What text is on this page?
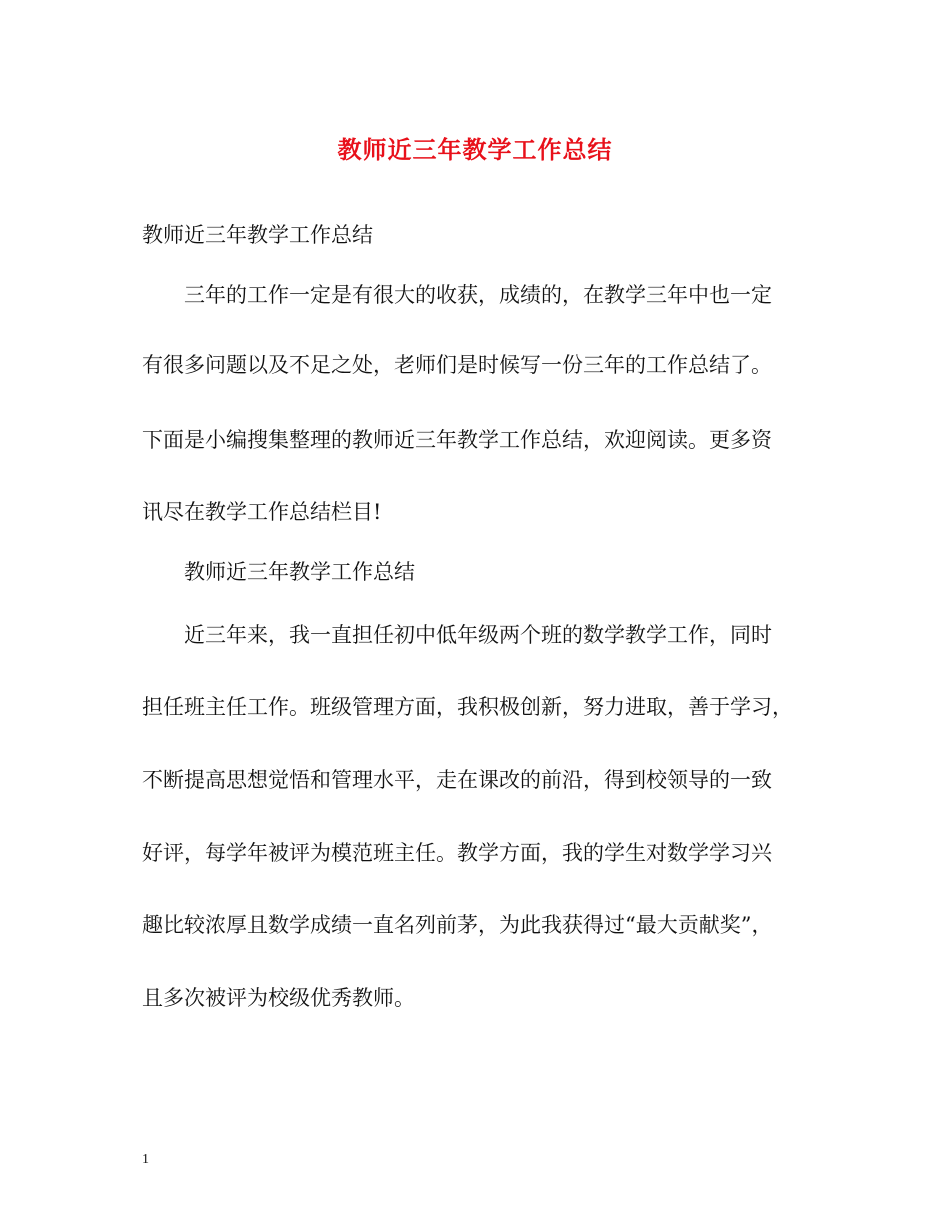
教师近三年教学工作总结
教师近三年教学工作总结
三年的工作一定是有很大的收获，成绩的，在教学三年中也一定
有很多问题以及不足之处，老师们是时候写一份三年的工作总结了。
下面是小编搜集整理的教师近三年教学工作总结，欢迎阅读。更多资
讯尽在教学工作总结栏目!
教师近三年教学工作总结
近三年来，我一直担任初中低年级两个班的数学教学工作，同时
担任班主任工作。班级管理方面，我积极创新，努力进取，善于学习，
不断提高思想觉悟和管理水平，走在课改的前沿，得到校领导的一致
好评，每学年被评为模范班主任。教学方面，我的学生对数学学习兴
趣比较浓厚且数学成绩一直名列前茅，为此我获得过“最大贡献奖”，
且多次被评为校级优秀教师。
1
